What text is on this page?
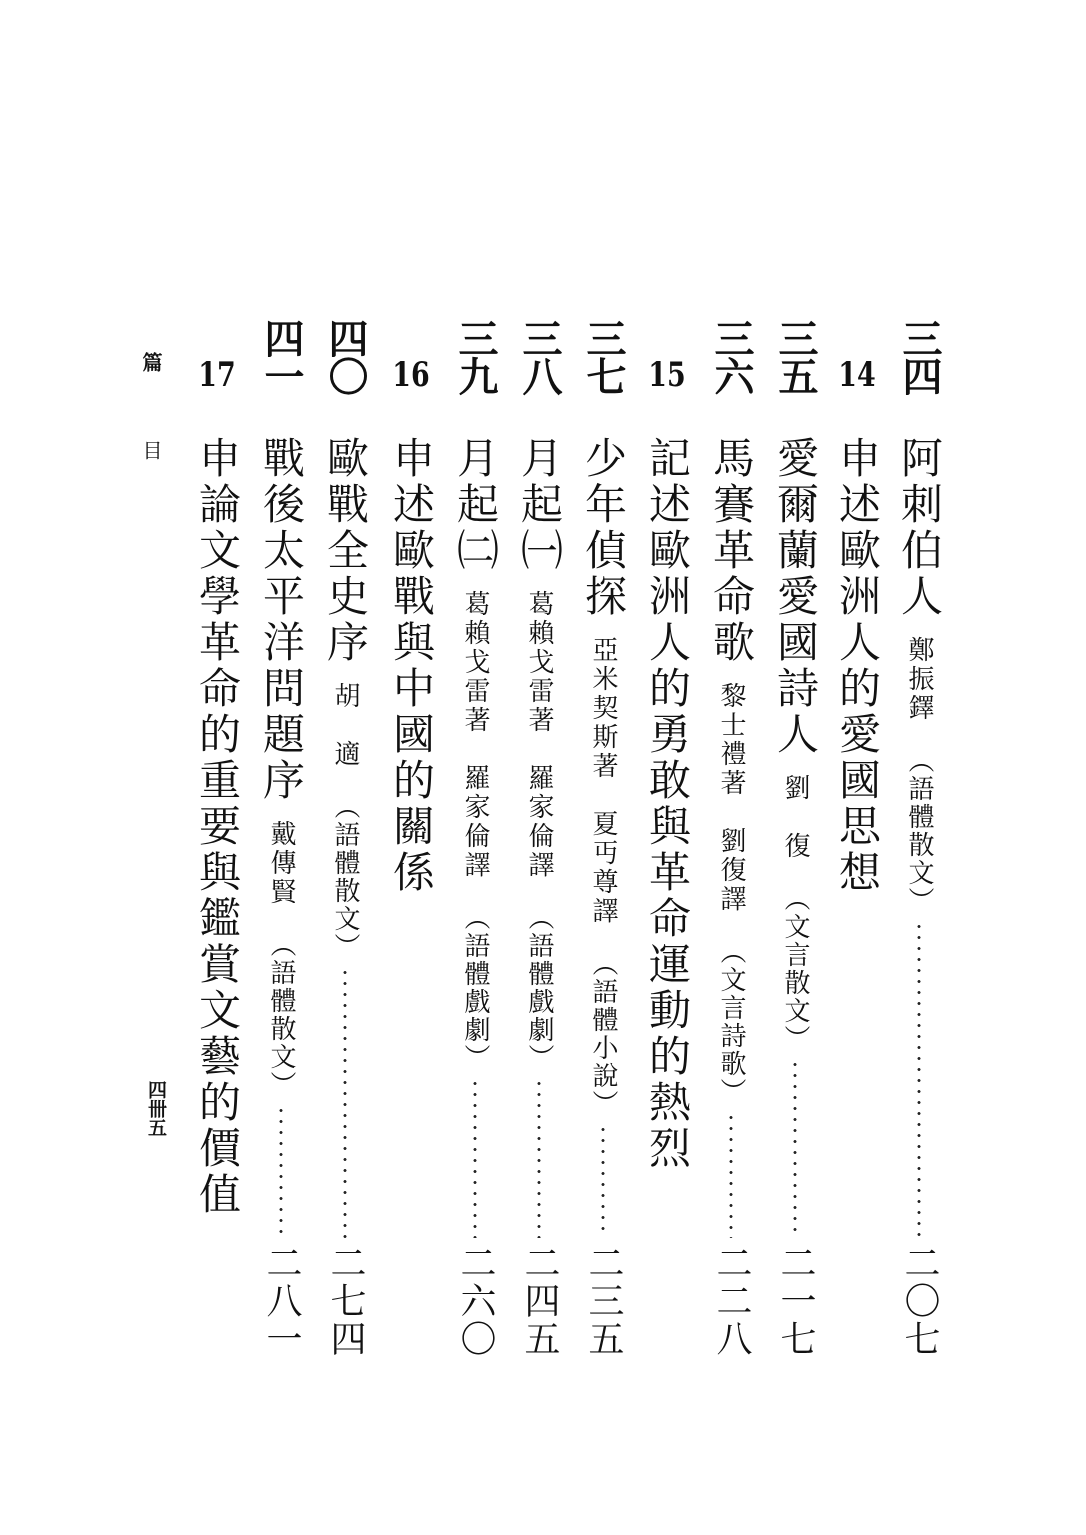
三四
阿刺伯人
鄭振鐸
（語體散文）
二〇七
14
申述歐洲人的愛國思想
三五
愛爾蘭愛國詩人
劉　復
（文言散文）
二一七
三六
馬賽革命歌
黎士禮著　劉復譯
（文言詩歌）
二二八
15
記述歐洲人的勇敢與革命運動的熱烈
三七
少年偵探
亞米契斯著　夏丏尊譯
（語體小說）
二三五
三八
月起㈠
葛賴戈雷著　羅家倫譯
（語體戲劇）
二四五
三九
月起㈡
葛賴戈雷著　羅家倫譯
（語體戲劇）
二六〇
16
申述歐戰與中國的關係
四〇
歐戰全史序
胡　適
（語體散文）
二七四
四一
戰後太平洋問題序
戴傳賢
（語體散文）
二八一
17
申論文學革命的重要與鑑賞文藝的價值
篇
目
四卌五
